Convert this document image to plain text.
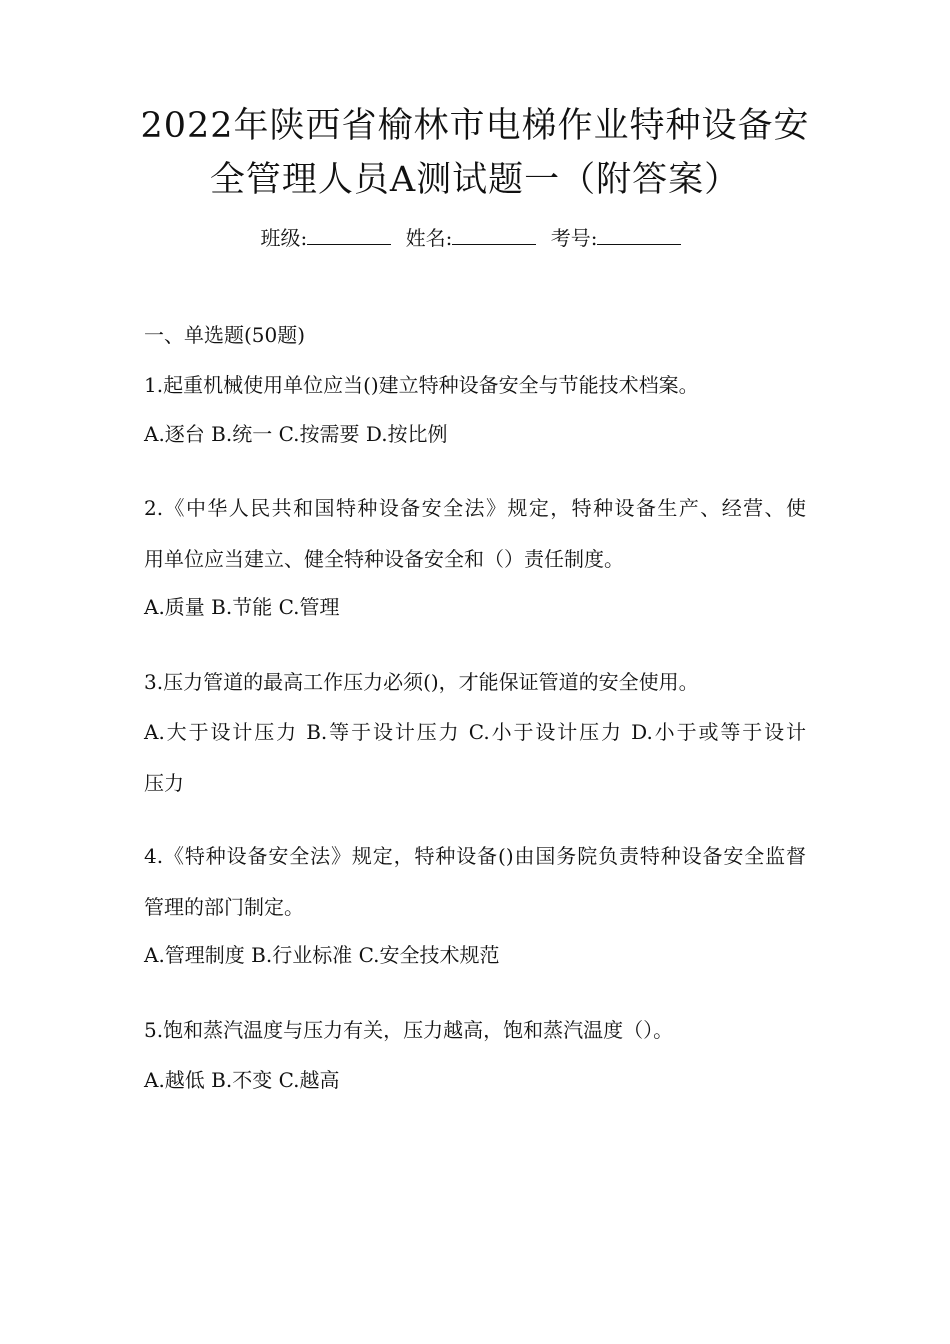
2022年陕西省榆林市电梯作业特种设备安
全管理人员A测试题一（附答案）
班级:	姓名:	考号:
一、单选题(50题)
1.起重机械使用单位应当()建立特种设备安全与节能技术档案。
A.逐台 B.统一 C.按需要 D.按比例
2.《中华人民共和国特种设备安全法》规定，特种设备生产、经营、使
用单位应当建立、健全特种设备安全和（）责任制度。
A.质量 B.节能 C.管理
3.压力管道的最高工作压力必须()，才能保证管道的安全使用。
A.大于设计压力 B.等于设计压力 C.小于设计压力 D.小于或等于设计
压力
4.《特种设备安全法》规定，特种设备()由国务院负责特种设备安全监督
管理的部门制定。
A.管理制度 B.行业标准 C.安全技术规范
5.饱和蒸汽温度与压力有关，压力越高，饱和蒸汽温度（）。
A.越低 B.不变 C.越高
